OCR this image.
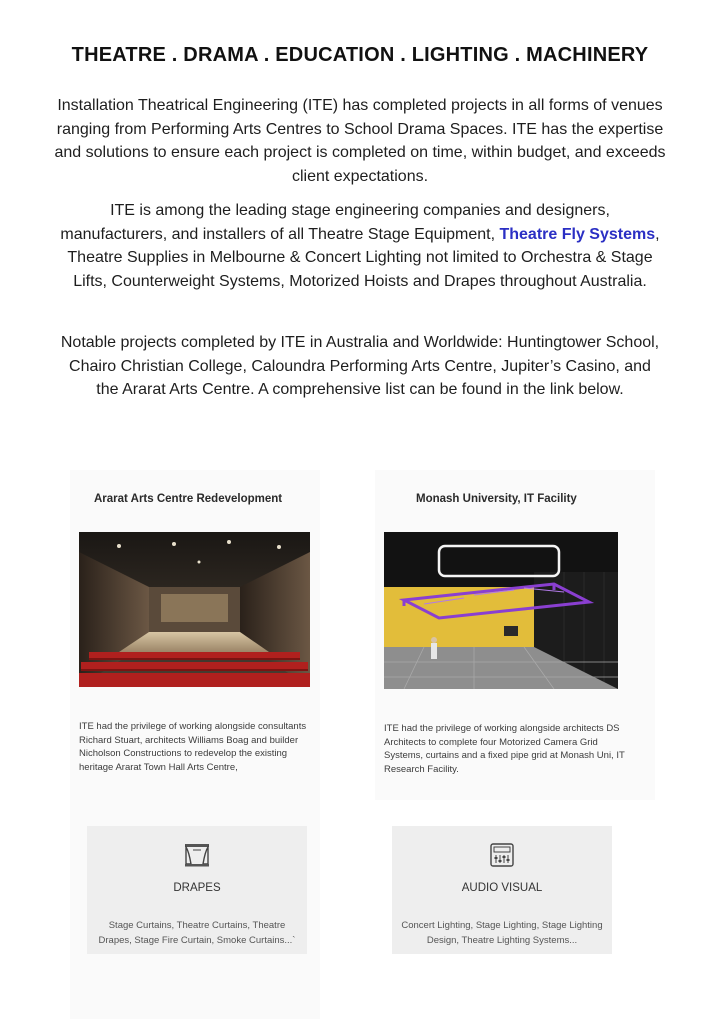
THEATRE . DRAMA . EDUCATION . LIGHTING . MACHINERY

Installation Theatrical Engineering (ITE) has completed projects in all forms of venues ranging from Performing Arts Centres to School Drama Spaces. ITE has the expertise and solutions to ensure each project is completed on time, within budget, and exceeds client expectations.

ITE is among the leading stage engineering companies and designers, manufacturers, and installers of all Theatre Stage Equipment, Theatre Fly Systems, Theatre Supplies in Melbourne & Concert Lighting not limited to Orchestra & Stage Lifts, Counterweight Systems, Motorized Hoists and Drapes throughout Australia.

Notable projects completed by ITE in Australia and Worldwide: Huntingtower School, Chairo Christian College, Caloundra Performing Arts Centre, Jupiter’s Casino, and the Ararat Arts Centre. A comprehensive list can be found in the link below.

Ararat Arts Centre Redevelopment
ITE had the privilege of working alongside consultants Richard Stuart, architects Williams Boag and builder Nicholson Constructions to redevelop the existing heritage Ararat Town Hall Arts Centre,
Monash University, IT Facility
ITE had the privilege of working alongside architects DS Architects to complete four Motorized Camera Grid Systems, curtains and a fixed pipe grid at Monash Uni, IT Research Facility.
DRAPES
Stage Curtains, Theatre Curtains, Theatre Drapes, Stage Fire Curtain, Smoke Curtains...`
AUDIO VISUAL
Concert Lighting, Stage Lighting, Stage Lighting Design, Theatre Lighting Systems...
